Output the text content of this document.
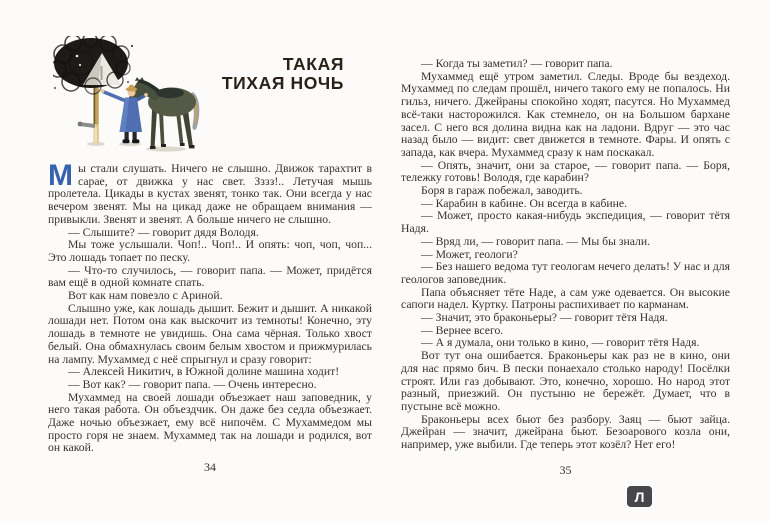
ТАКАЯ
ТИХАЯ НОЧЬ

Мы стали слушать. Ничего не слышно. Движок тарахтит в сарае, от движка у нас свет. Зззз!.. Летучая мышь пролетела. Цикады в кустах звенят, тонко так. Они всегда у нас вечером звенят. Мы на цикад даже не обращаем внимания — привыкли. Звенят и звенят. А больше ничего не слышно.

— Слышите? — говорит дядя Володя.

Мы тоже услышали. Чоп!.. Чоп!.. И опять: чоп, чоп, чоп... Это лошадь топает по песку.

— Что-то случилось, — говорит папа. — Может, придётся вам ещё в одной комнате спать.

Вот как нам повезло с Ариной.

Слышно уже, как лошадь дышит. Бежит и дышит. А никакой лошади нет. Потом она как выскочит из темноты! Конечно, эту лошадь в темноте не увидишь. Она сама чёрная. Только хвост белый. Она обмахнулась своим белым хвостом и прижмурилась на лампу. Мухаммед с неё спрыгнул и сразу говорит:

— Алексей Никитич, в Южной долине машина ходит!

— Вот как? — говорит папа. — Очень интересно.

Мухаммед на своей лошади объезжает наш заповедник, у него такая работа. Он объездчик. Он даже без седла объезжает. Даже ночью объезжает, ему всё нипочём. С Мухаммедом мы просто горя не знаем. Мухаммед так на лошади и родился, вот он какой.

34

— Когда ты заметил? — говорит папа.

Мухаммед ещё утром заметил. Следы. Вроде бы вездеход. Мухаммед по следам прошёл, ничего такого ему не попалось. Ни гильз, ничего. Джейраны спокойно ходят, пасутся. Но Мухаммед всё-таки насторожился. Как стемнело, он на Большом бархане засел. С него вся долина видна как на ладони. Вдруг — это час назад было — видит: свет движется в темноте. Фары. И опять с запада, как вчера. Мухаммед сразу к нам поскакал.

— Опять, значит, они за старое, — говорит папа. — Боря, тележку готовь! Володя, где карабин?

Боря в гараж побежал, заводить.

— Карабин в кабине. Он всегда в кабине.

— Может, просто какая-нибудь экспедиция, — говорит тётя Надя.

— Вряд ли, — говорит папа. — Мы бы знали.

— Может, геологи?

— Без нашего ведома тут геологам нечего делать! У нас и для геологов заповедник.

Папа объясняет тёте Наде, а сам уже одевается. Он высокие сапоги надел. Куртку. Патроны распихивает по карманам.

— Значит, это браконьеры? — говорит тётя Надя.

— Вернее всего.

— А я думала, они только в кино, — говорит тётя Надя.

Вот тут она ошибается. Браконьеры как раз не в кино, они для нас прямо бич. В пески понаехало столько народу! Посёлки строят. Или газ добывают. Это, конечно, хорошо. Но народ этот разный, приезжий. Он пустыню не бережёт. Думает, что в пустыне всё можно.

Браконьеры всех бьют без разбору. Заяц — бьют зайца. Джейран — значит, джейрана бьют. Безоарового козла они, например, уже выбили. Где теперь этот козёл? Нет его!

35
Л
